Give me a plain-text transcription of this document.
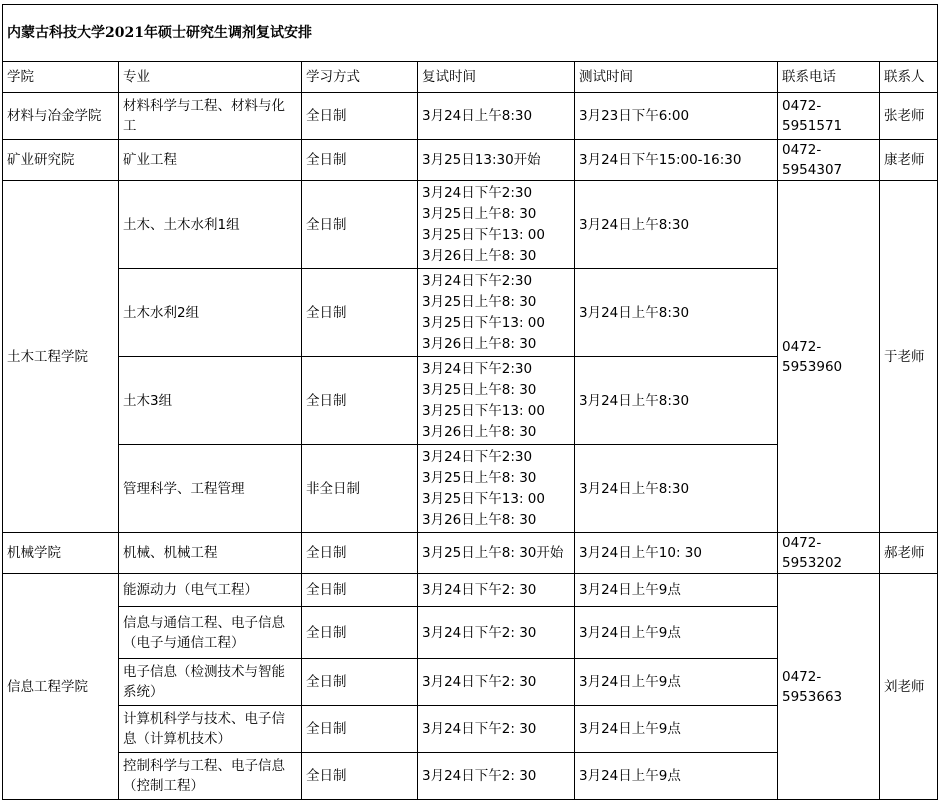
内蒙古科技大学2021年硕士研究生调剂复试安排						
学院	专业	学习方式	复试时间	测试时间	联系电话	联系人
材料与冶金学院	材料科学与工程、材料与化工	全日制	3月24日上午8:30	3月23日下午6:00	0472-5951571	张老师
矿业研究院	矿业工程	全日制	3月25日13:30开始	3月24日下午15:00-16:30	0472-5954307	康老师
土木工程学院	土木、土木水利1组	全日制	3月24日下午2:30
3月25日上午8: 30
3月25日下午13: 00
3月26日上午8: 30	3月24日上午8:30	0472-5953960	于老师
	土木水利2组	全日制	3月24日下午2:30
3月25日上午8: 30
3月25日下午13: 00
3月26日上午8: 30	3月24日上午8:30		
	土木3组	全日制	3月24日下午2:30
3月25日上午8: 30
3月25日下午13: 00
3月26日上午8: 30	3月24日上午8:30		
	管理科学、工程管理	非全日制	3月24日下午2:30
3月25日上午8: 30
3月25日下午13: 00
3月26日上午8: 30	3月24日上午8:30		
机械学院	机械、机械工程	全日制	3月25日上午8: 30开始	3月24日上午10: 30	0472-5953202	郝老师
信息工程学院	能源动力（电气工程）	全日制	3月24日下午2: 30	3月24日上午9点	0472-5953663	刘老师
	信息与通信工程、电子信息（电子与通信工程）	全日制	3月24日下午2: 30	3月24日上午9点		
	电子信息（检测技术与智能系统）	全日制	3月24日下午2: 30	3月24日上午9点		
	计算机科学与技术、电子信息（计算机技术）	全日制	3月24日下午2: 30	3月24日上午9点		
	控制科学与工程、电子信息（控制工程）	全日制	3月24日下午2: 30	3月24日上午9点		
